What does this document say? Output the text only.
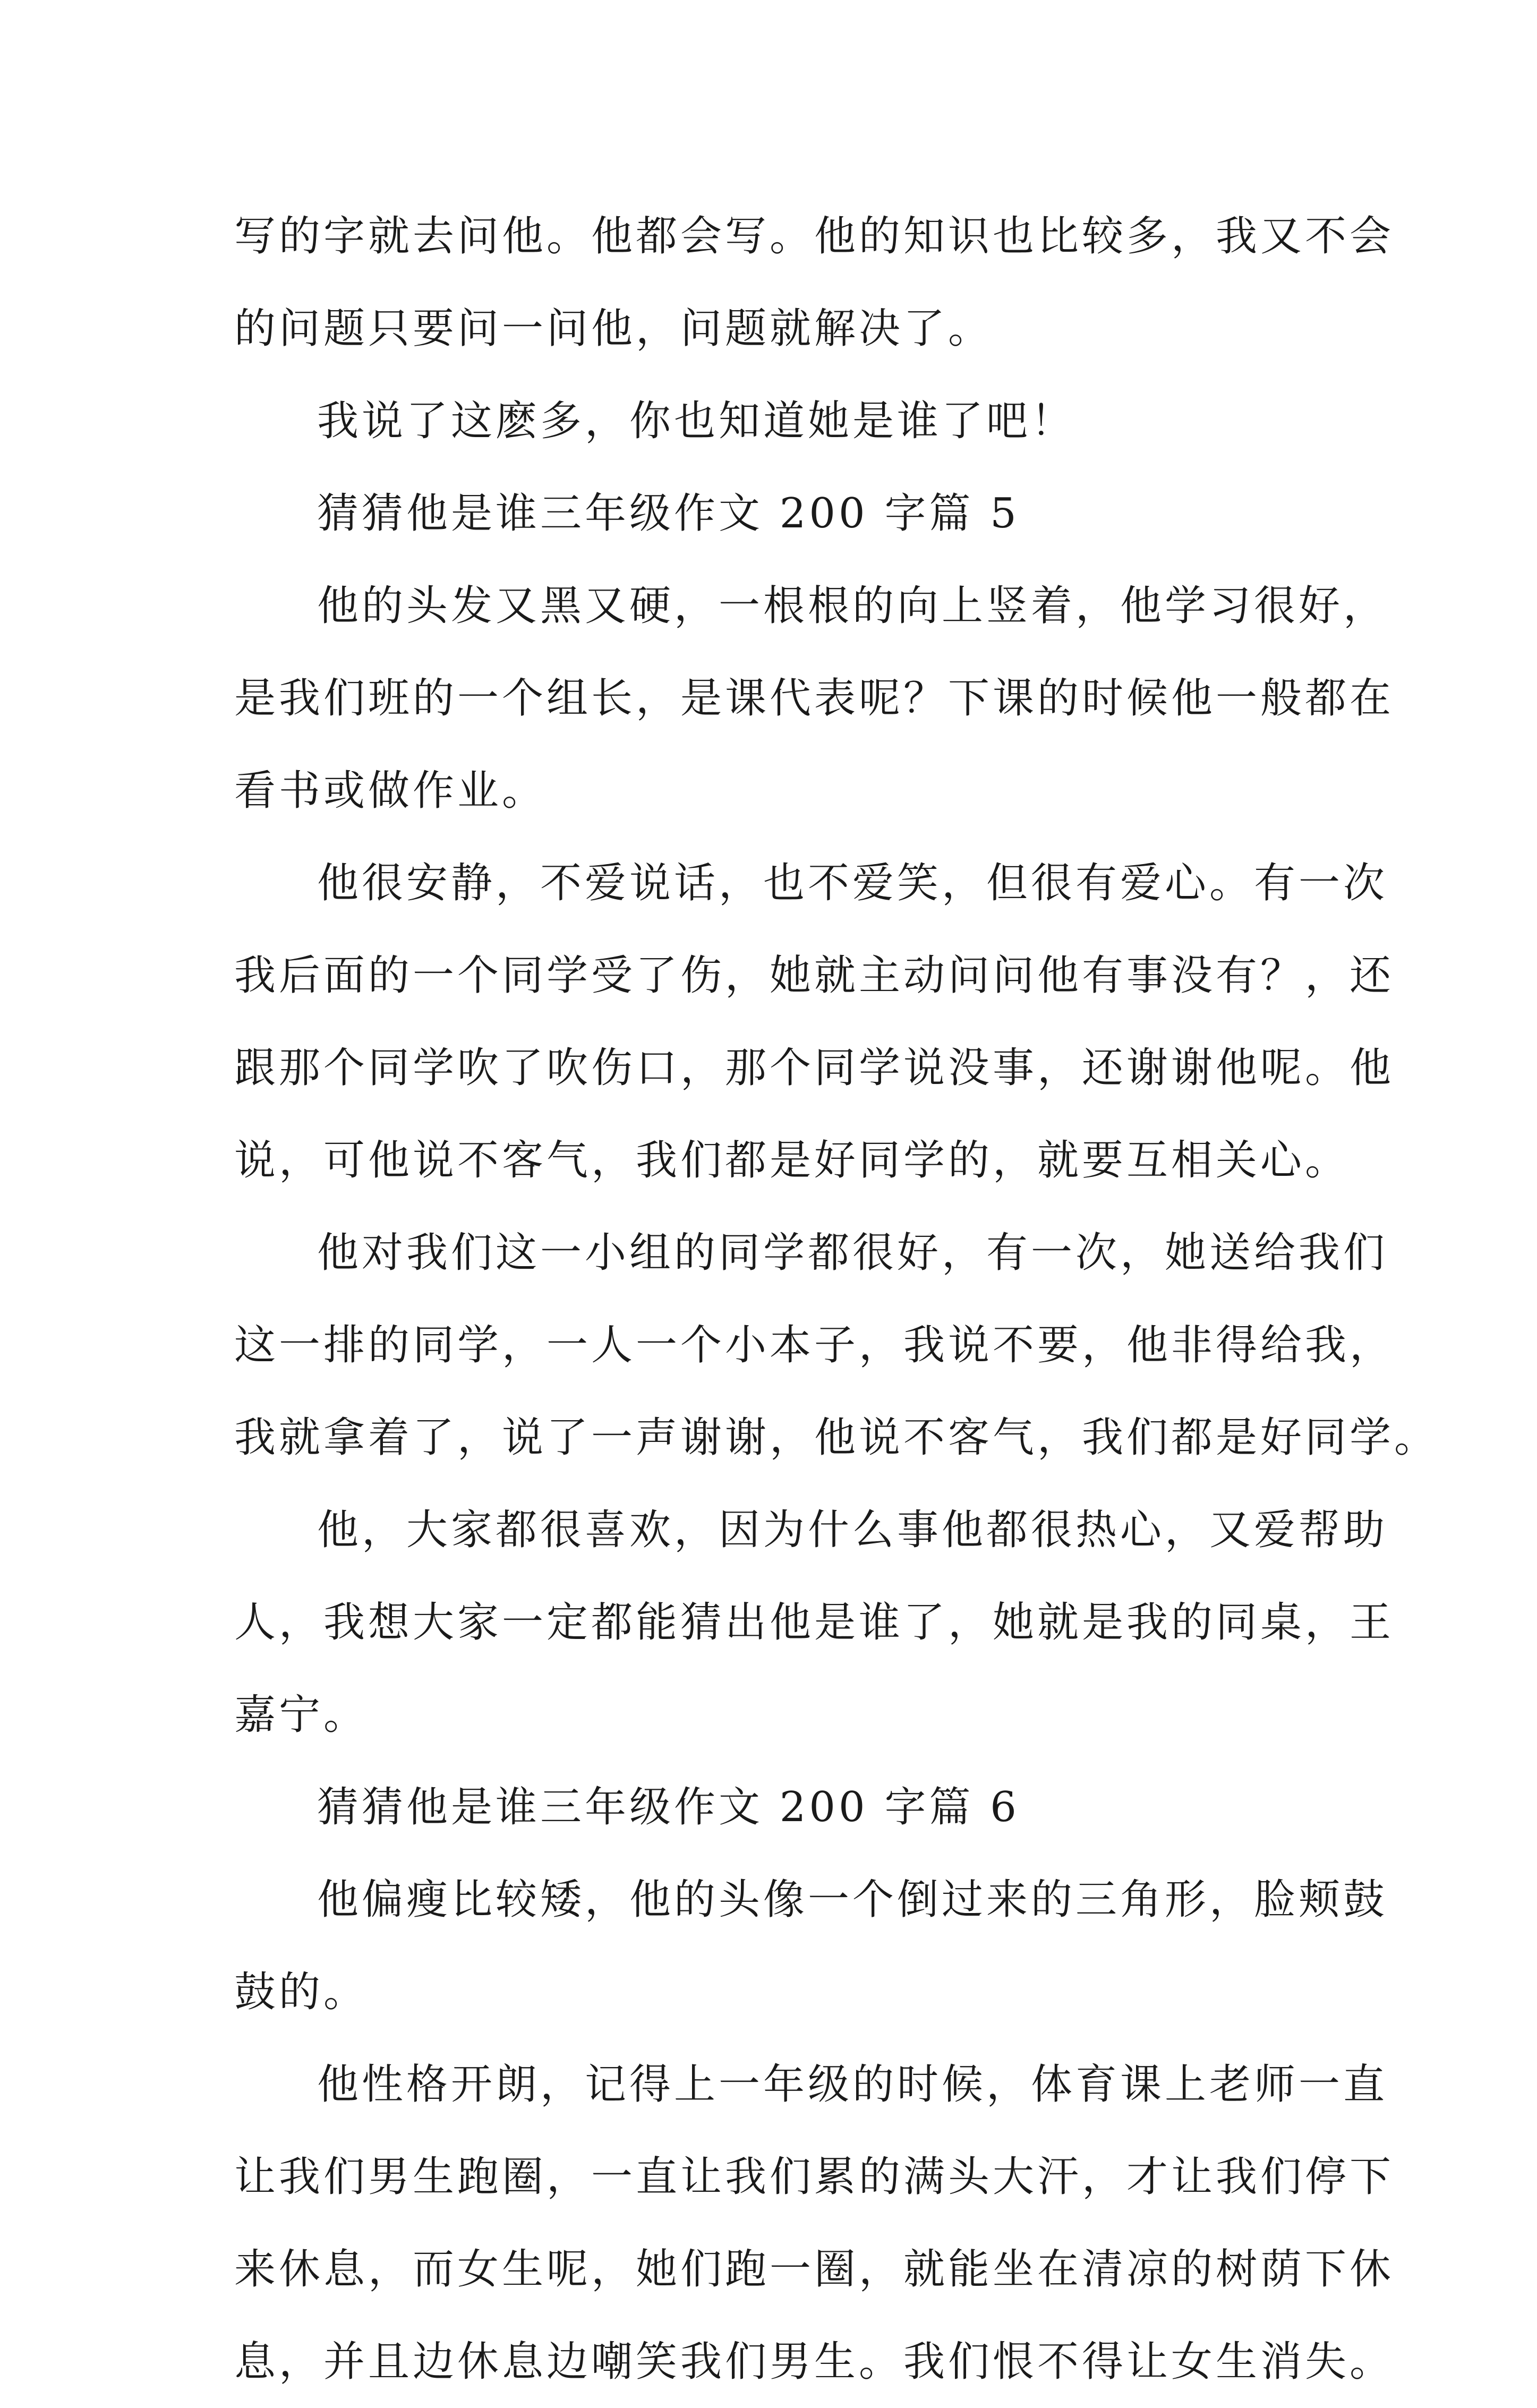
写的字就去问他。他都会写。他的知识也比较多，我又不会
的问题只要问一问他，问题就解决了。
我说了这麽多，你也知道她是谁了吧！
猜猜他是谁三年级作文 200 字篇 5
他的头发又黑又硬，一根根的向上竖着，他学习很好，
是我们班的一个组长，是课代表呢？下课的时候他一般都在
看书或做作业。
他很安静，不爱说话，也不爱笑，但很有爱心。有一次
我后面的一个同学受了伤，她就主动问问他有事没有？，还
跟那个同学吹了吹伤口，那个同学说没事，还谢谢他呢。他
说，可他说不客气，我们都是好同学的，就要互相关心。
他对我们这一小组的同学都很好，有一次，她送给我们
这一排的同学，一人一个小本子，我说不要，他非得给我，
我就拿着了，说了一声谢谢，他说不客气，我们都是好同学。
他，大家都很喜欢，因为什么事他都很热心，又爱帮助
人，我想大家一定都能猜出他是谁了，她就是我的同桌，王
嘉宁。
猜猜他是谁三年级作文 200 字篇 6
他偏瘦比较矮，他的头像一个倒过来的三角形，脸颊鼓
鼓的。
他性格开朗，记得上一年级的时候，体育课上老师一直
让我们男生跑圈，一直让我们累的满头大汗，才让我们停下
来休息，而女生呢，她们跑一圈，就能坐在清凉的树荫下休
息，并且边休息边嘲笑我们男生。我们恨不得让女生消失。
